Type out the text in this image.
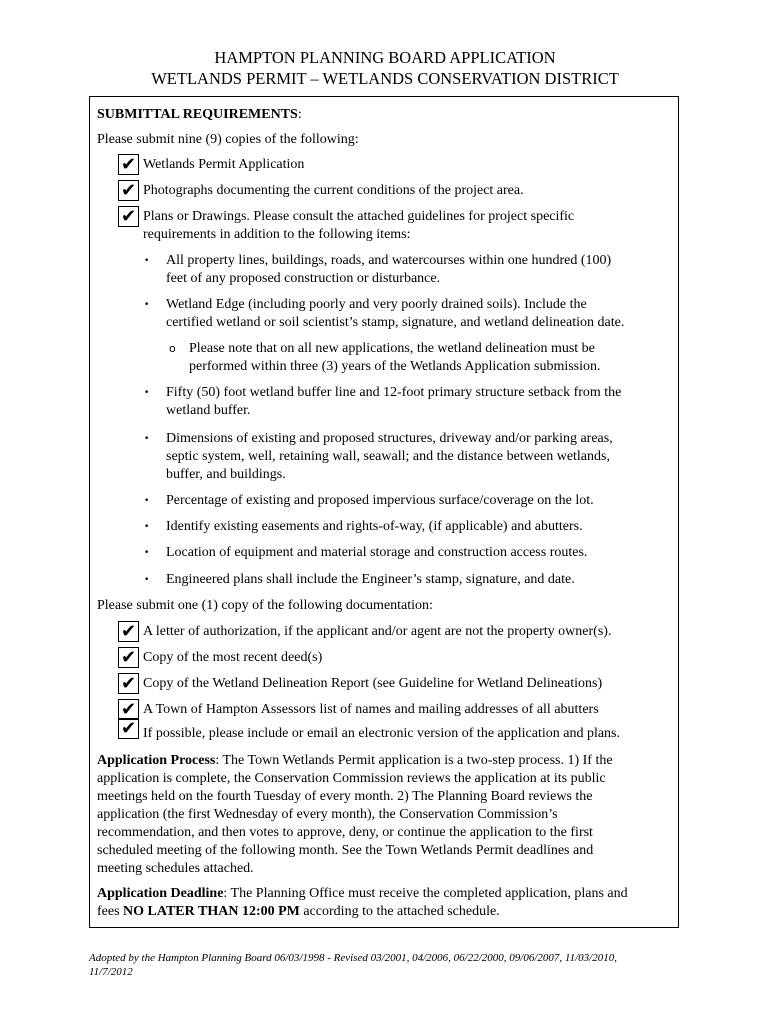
HAMPTON PLANNING BOARD APPLICATION
WETLANDS PERMIT – WETLANDS CONSERVATION DISTRICT
SUBMITTAL REQUIREMENTS:
Please submit nine (9) copies of the following:
✔ Wetlands Permit Application
✔ Photographs documenting the current conditions of the project area.
✔ Plans or Drawings. Please consult the attached guidelines for project specific
requirements in addition to the following items:
• All property lines, buildings, roads, and watercourses within one hundred (100)
feet of any proposed construction or disturbance.
• Wetland Edge (including poorly and very poorly drained soils). Include the
certified wetland or soil scientist’s stamp, signature, and wetland delineation date.
o Please note that on all new applications, the wetland delineation must be
performed within three (3) years of the Wetlands Application submission.
• Fifty (50) foot wetland buffer line and 12-foot primary structure setback from the
wetland buffer.
• Dimensions of existing and proposed structures, driveway and/or parking areas,
septic system, well, retaining wall, seawall; and the distance between wetlands,
buffer, and buildings.
• Percentage of existing and proposed impervious surface/coverage on the lot.
• Identify existing easements and rights-of-way, (if applicable) and abutters.
• Location of equipment and material storage and construction access routes.
• Engineered plans shall include the Engineer’s stamp, signature, and date.
Please submit one (1) copy of the following documentation:
✔ A letter of authorization, if the applicant and/or agent are not the property owner(s).
✔ Copy of the most recent deed(s)
✔ Copy of the Wetland Delineation Report (see Guideline for Wetland Delineations)
✔ A Town of Hampton Assessors list of names and mailing addresses of all abutters
✔ If possible, please include or email an electronic version of the application and plans.
Application Process: The Town Wetlands Permit application is a two-step process. 1) If the
application is complete, the Conservation Commission reviews the application at its public
meetings held on the fourth Tuesday of every month. 2) The Planning Board reviews the
application (the first Wednesday of every month), the Conservation Commission’s
recommendation, and then votes to approve, deny, or continue the application to the first
scheduled meeting of the following month. See the Town Wetlands Permit deadlines and
meeting schedules attached.
Application Deadline: The Planning Office must receive the completed application, plans and
fees NO LATER THAN 12:00 PM according to the attached schedule.
Adopted by the Hampton Planning Board 06/03/1998 - Revised 03/2001, 04/2006, 06/22/2000, 09/06/2007, 11/03/2010,
11/7/2012
